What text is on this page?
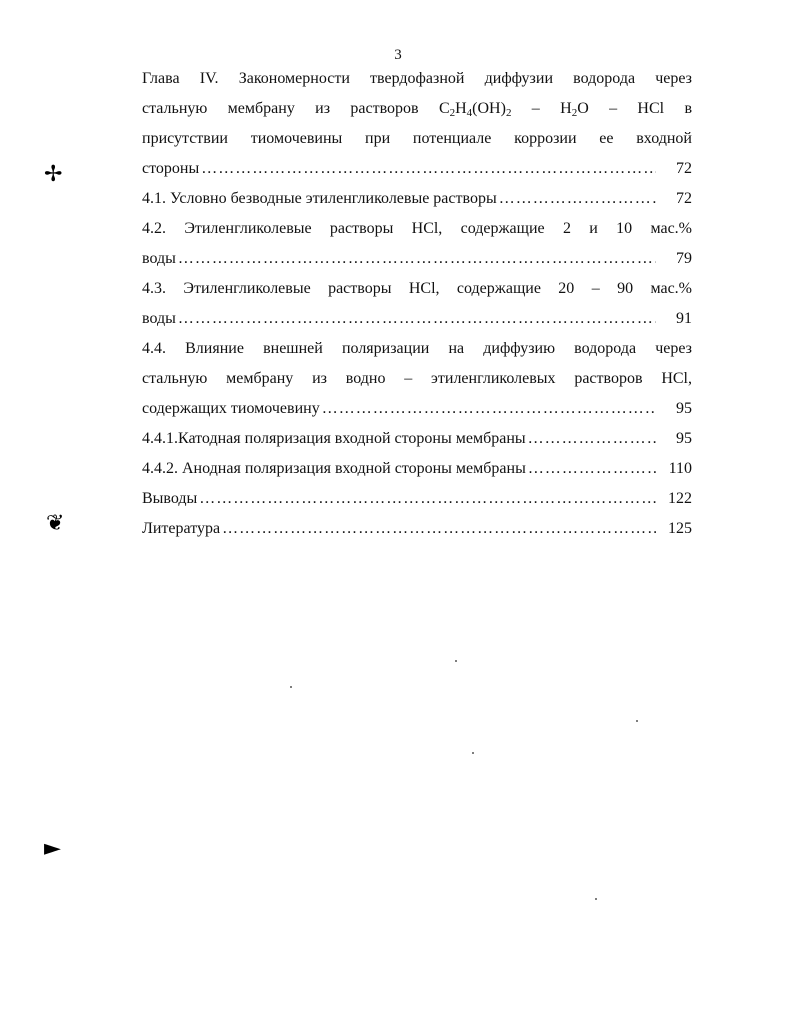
3
✢
❦
►
Глава IV. Закономерности твердофазной диффузии водорода через
стальную мембрану из растворов $C_2H_4(OH)_2 - H_2O$ – HCl в
присутствии тиомочевины при потенциале коррозии ее входной
стороны ……………………………………………………………………………………………………………………………………………………	72
4.1. Условно безводные этиленгликолевые растворы ……………………………………………………………………………………………………………………………………………………	72
4.2. Этиленгликолевые растворы HCl, содержащие 2 и 10 мас.%
воды ……………………………………………………………………………………………………………………………………………………	79
4.3. Этиленгликолевые растворы HCl, содержащие 20 – 90 мас.%
воды ……………………………………………………………………………………………………………………………………………………	91
4.4. Влияние внешней поляризации на диффузию водорода через
стальную мембрану из водно – этиленгликолевых растворов HCl,
содержащих тиомочевину ……………………………………………………………………………………………………………………………………………………	95
4.4.1.Катодная поляризация входной стороны мембраны ……………………………………………………………………………………………………………………………………………………	95
4.4.2. Анодная поляризация входной стороны мембраны ……………………………………………………………………………………………………………………………………………………	110
Выводы ……………………………………………………………………………………………………………………………………………………	122
Литература ……………………………………………………………………………………………………………………………………………………	125
